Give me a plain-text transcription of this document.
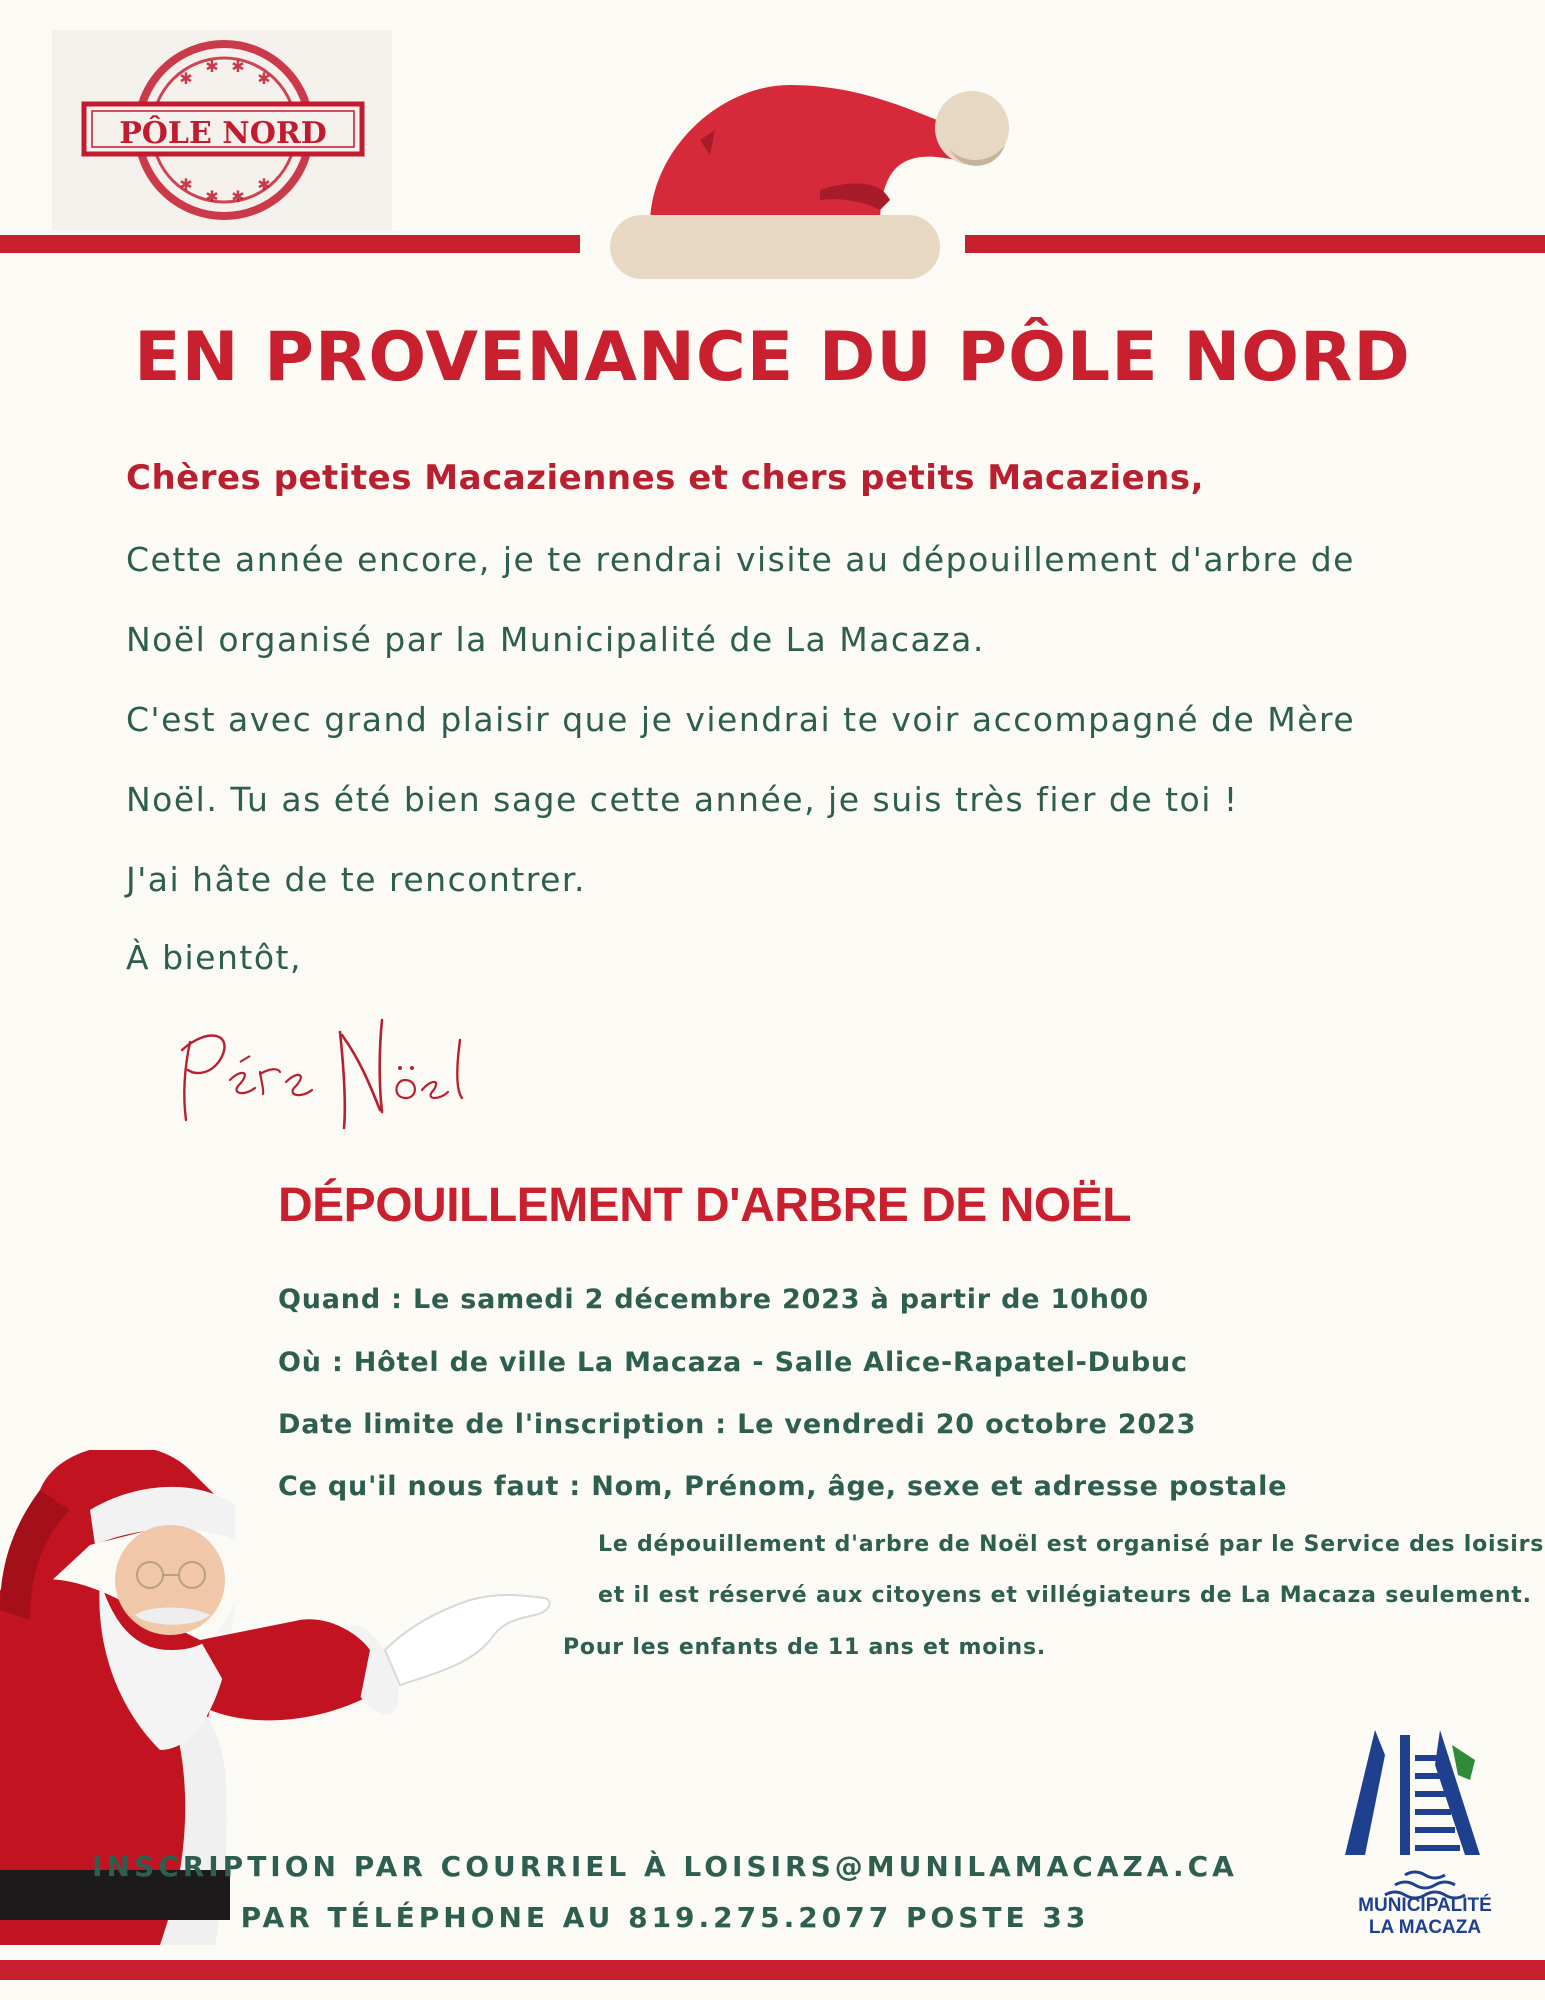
✱
✱ ✱
✱
✱
✱ ✱
✱
PÔLE NORD
EN PROVENANCE DU PÔLE NORD
Chères petites Macaziennes et chers petits Macaziens,
Cette année encore, je te rendrai visite au dépouillement d'arbre de
Noël organisé par la Municipalité de La Macaza.
C'est avec grand plaisir que je viendrai te voir accompagné de Mère
Noël. Tu as été bien sage cette année, je suis très fier de toi !
J'ai hâte de te rencontrer.
À bientôt,
DÉPOUILLEMENT D'ARBRE DE NOËL
Quand : Le samedi 2 décembre 2023 à partir de 10h00
Où : Hôtel de ville La Macaza - Salle Alice-Rapatel-Dubuc
Date limite de l'inscription : Le vendredi 20 octobre 2023
Ce qu'il nous faut : Nom, Prénom, âge, sexe et adresse postale
Le dépouillement d'arbre de Noël est organisé par le Service des loisirs
et il est réservé aux citoyens et villégiateurs de La Macaza seulement.
Pour les enfants de 11 ans et moins.
INSCRIPTION PAR COURRIEL À LOISIRS@MUNILAMACAZA.CA
PAR TÉLÉPHONE AU 819.275.2077 POSTE 33	MUNICIPALITÉ
LA MACAZA
